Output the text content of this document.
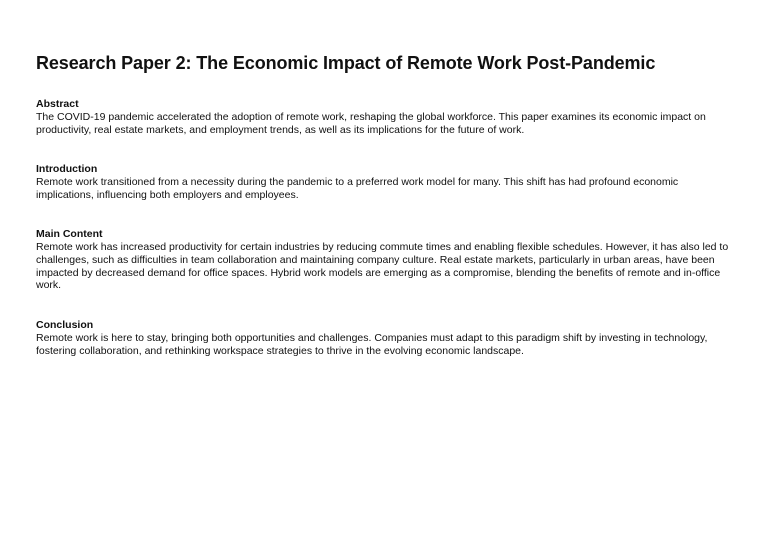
Research Paper 2: The Economic Impact of Remote Work Post-Pandemic
Abstract

The COVID-19 pandemic accelerated the adoption of remote work, reshaping the global workforce. This paper examines its economic impact on productivity, real estate markets, and employment trends, as well as its implications for the future of work.

Introduction

Remote work transitioned from a necessity during the pandemic to a preferred work model for many. This shift has had profound economic implications, influencing both employers and employees.

Main Content

Remote work has increased productivity for certain industries by reducing commute times and enabling flexible schedules. However, it has also led to challenges, such as difficulties in team collaboration and maintaining company culture. Real estate markets, particularly in urban areas, have been impacted by decreased demand for office spaces. Hybrid work models are emerging as a compromise, blending the benefits of remote and in-office work.

Conclusion

Remote work is here to stay, bringing both opportunities and challenges. Companies must adapt to this paradigm shift by investing in technology, fostering collaboration, and rethinking workspace strategies to thrive in the evolving economic landscape.
